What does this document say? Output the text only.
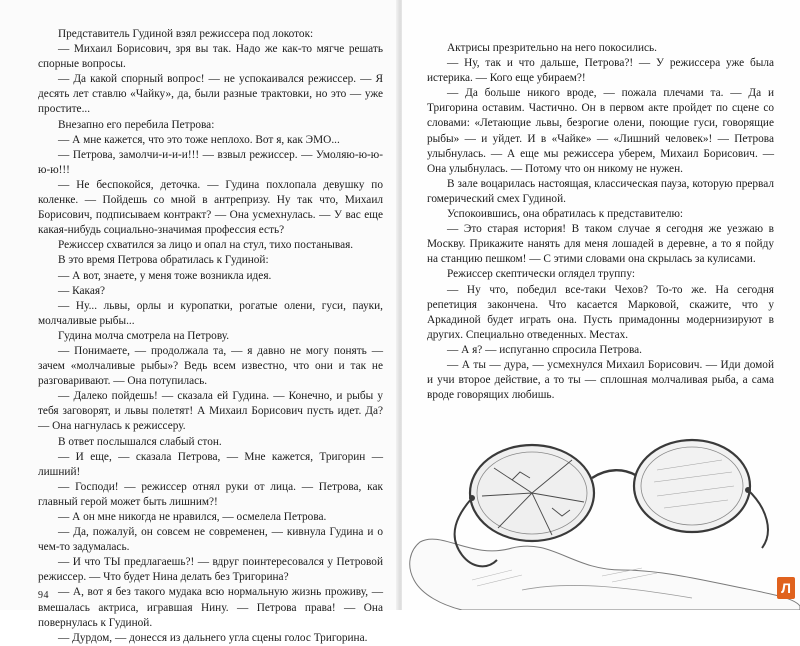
Представитель Гудиной взял режиссера под локоток:

— Михаил Борисович, зря вы так. Надо же как-то мягче решать спорные вопросы.

— Да какой спорный вопрос! — не успокаивался режиссер. — Я десять лет ставлю «Чайку», да, были разные трактовки, но это — уже простите...

Внезапно его перебила Петрова:

— А мне кажется, что это тоже неплохо. Вот я, как ЭМО...

— Петрова, замолчи-и-и-и!!! — взвыл режиссер. — Умоляю-ю-ю-ю-ю!!!

— Не беспокойся, деточка. — Гудина похлопала девушку по коленке. — Пойдешь со мной в антрепризу. Ну так что, Михаил Борисович, подписываем контракт? — Она усмехнулась. — У вас еще какая-нибудь социально-значимая профессия есть?

Режиссер схватился за лицо и опал на стул, тихо постанывая.

В это время Петрова обратилась к Гудиной:

— А вот, знаете, у меня тоже возникла идея.

— Какая?

— Ну... львы, орлы и куропатки, рогатые олени, гуси, пауки, молчаливые рыбы...

Гудина молча смотрела на Петрову.

— Понимаете, — продолжала та, — я давно не могу понять — зачем «молчаливые рыбы»? Ведь всем известно, что они и так не разговаривают. — Она потупилась.

— Далеко пойдешь! — сказала ей Гудина. — Конечно, и рыбы у тебя заговорят, и львы полетят! А Михаил Борисович пусть идет. Да? — Она нагнулась к режиссеру.

В ответ послышался слабый стон.

— И еще, — сказала Петрова, — Мне кажется, Тригорин — лишний!

— Господи! — режиссер отнял руки от лица. — Петрова, как главный герой может быть лишним?!

— А он мне никогда не нравился, — осмелела Петрова.

— Да, пожалуй, он совсем не современен, — кивнула Гудина и о чем-то задумалась.

— И что ТЫ предлагаешь?! — вдруг поинтересовался у Петровой режиссер. — Что будет Нина делать без Тригорина?

— А, вот я без такого мудака всю нормальную жизнь проживу, — вмешалась актриса, игравшая Нину. — Петрова права! — Она повернулась к Гудиной.

— Дурдом, — донесся из дальнего угла сцены голос Тригорина.

94

Актрисы презрительно на него покосились.

— Ну, так и что дальше, Петрова?! — У режиссера уже была истерика. — Кого еще убираем?!

— Да больше никого вроде, — пожала плечами та. — Да и Тригорина оставим. Частично. Он в первом акте пройдет по сцене со словами: «Летающие львы, безрогие олени, поющие гуси, говорящие рыбы» — и уйдет. И в «Чайке» — «Лишний человек»! — Петрова улыбнулась. — А еще мы режиссера уберем, Михаил Борисович. — Она улыбнулась. — Потому что он никому не нужен.

В зале воцарилась настоящая, классическая пауза, которую прервал гомерический смех Гудиной.

Успокоившись, она обратилась к представителю:

— Это старая история! В таком случае я сегодня же уезжаю в Москву. Прикажите нанять для меня лошадей в деревне, а то я пойду на станцию пешком! — С этими словами она скрылась за кулисами.

Режиссер скептически оглядел труппу:

— Ну что, победил все-таки Чехов? То-то же. На сегодня репетиция закончена. Что касается Марковой, скажите, что у Аркадиной будет играть она. Пусть примадонны модернизируют в других. Специально отведенных. Местах.

— А я? — испуганно спросила Петрова.

— А ты — дура, — усмехнулся Михаил Борисович. — Иди домой и учи второе действие, а то ты — сплошная молчаливая рыба, а сама вроде говорящих любишь.

Л
